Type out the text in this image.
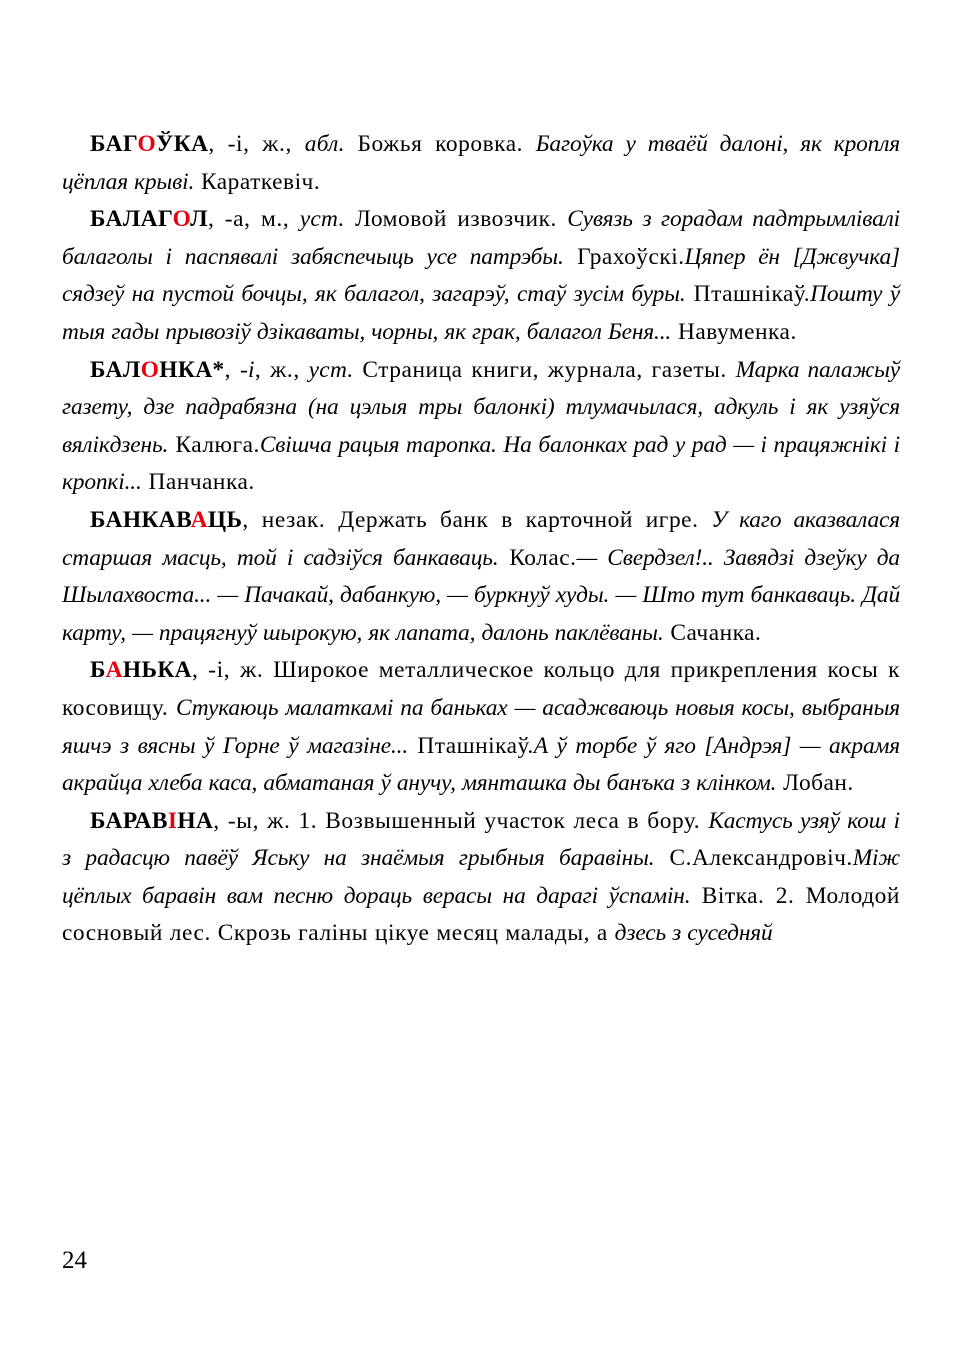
БАГОЎКА, -і, ж., абл. Божья коровка. Багоўка у тваёй далоні, як кропля цёплая крыві. Караткевіч.

БАЛАГОЛ, -а, м., уст. Ломовой извозчик. Сувязь з горадам падтрымлівалі балаголы і паспявалі забяспечыць усе патрэбы. Грахоўскі.Цяпер ён [Джвучка] сядзеў на пустой бочцы, як балагол, загарэў, стаў зусім буры. Пташнікаў.Пошту ў тыя гады прывозіў дзікаваты, чорны, як грак, балагол Беня... Навуменка.

БАЛОНКА*, -і, ж., уст. Страница книги, журнала, газеты. Марка палажыў газету, дзе падрабязна (на цэлыя тры балонкі) тлумачылася, адкуль і як узяўся вялікдзень. Калюга.Свішча рацыя таропка. На балонках рад у рад — і працяжнікі і кропкі... Панчанка.

БАНКАВАЦЬ, незак. Держать банк в карточной игре. У каго аказвалася старшая масць, той і садзіўся банкаваць. Колас.— Свердзел!.. Завядзі дзеўку да Шылахвоста... — Пачакай, дабанкую, — буркнуў худы. — Што тут банкаваць. Дай карту, — працягнуў шырокую, як лапата, далонь паклёваны. Сачанка.

БАНЬКА, -і, ж. Широкое металлическое кольцо для прикрепления косы к косовищу. Стукаюць малаткамі па баньках — асаджваюць новыя косы, выбраныя яшчэ з вясны ў Горне ў магазіне... Пташнікаў.А ў торбе ў яго [Андрэя] — акрамя акрайца хлеба каса, абматаная ў анучу, мянташка ды банъка з клінком. Лобан.

БАРАВІНА, -ы, ж. 1. Возвышенный участок леса в бору. Кастусь узяў кош і з радасцю павёў Яську на знаёмыя грыбныя баравіны. С.Александровіч.Між цёплых баравін вам песню дораць верасы на дарагі ўспамін. Вітка. 2. Молодой сосновый лес. Скрозь галіны цікуе месяц малады, а дзесь з суседняй

24
